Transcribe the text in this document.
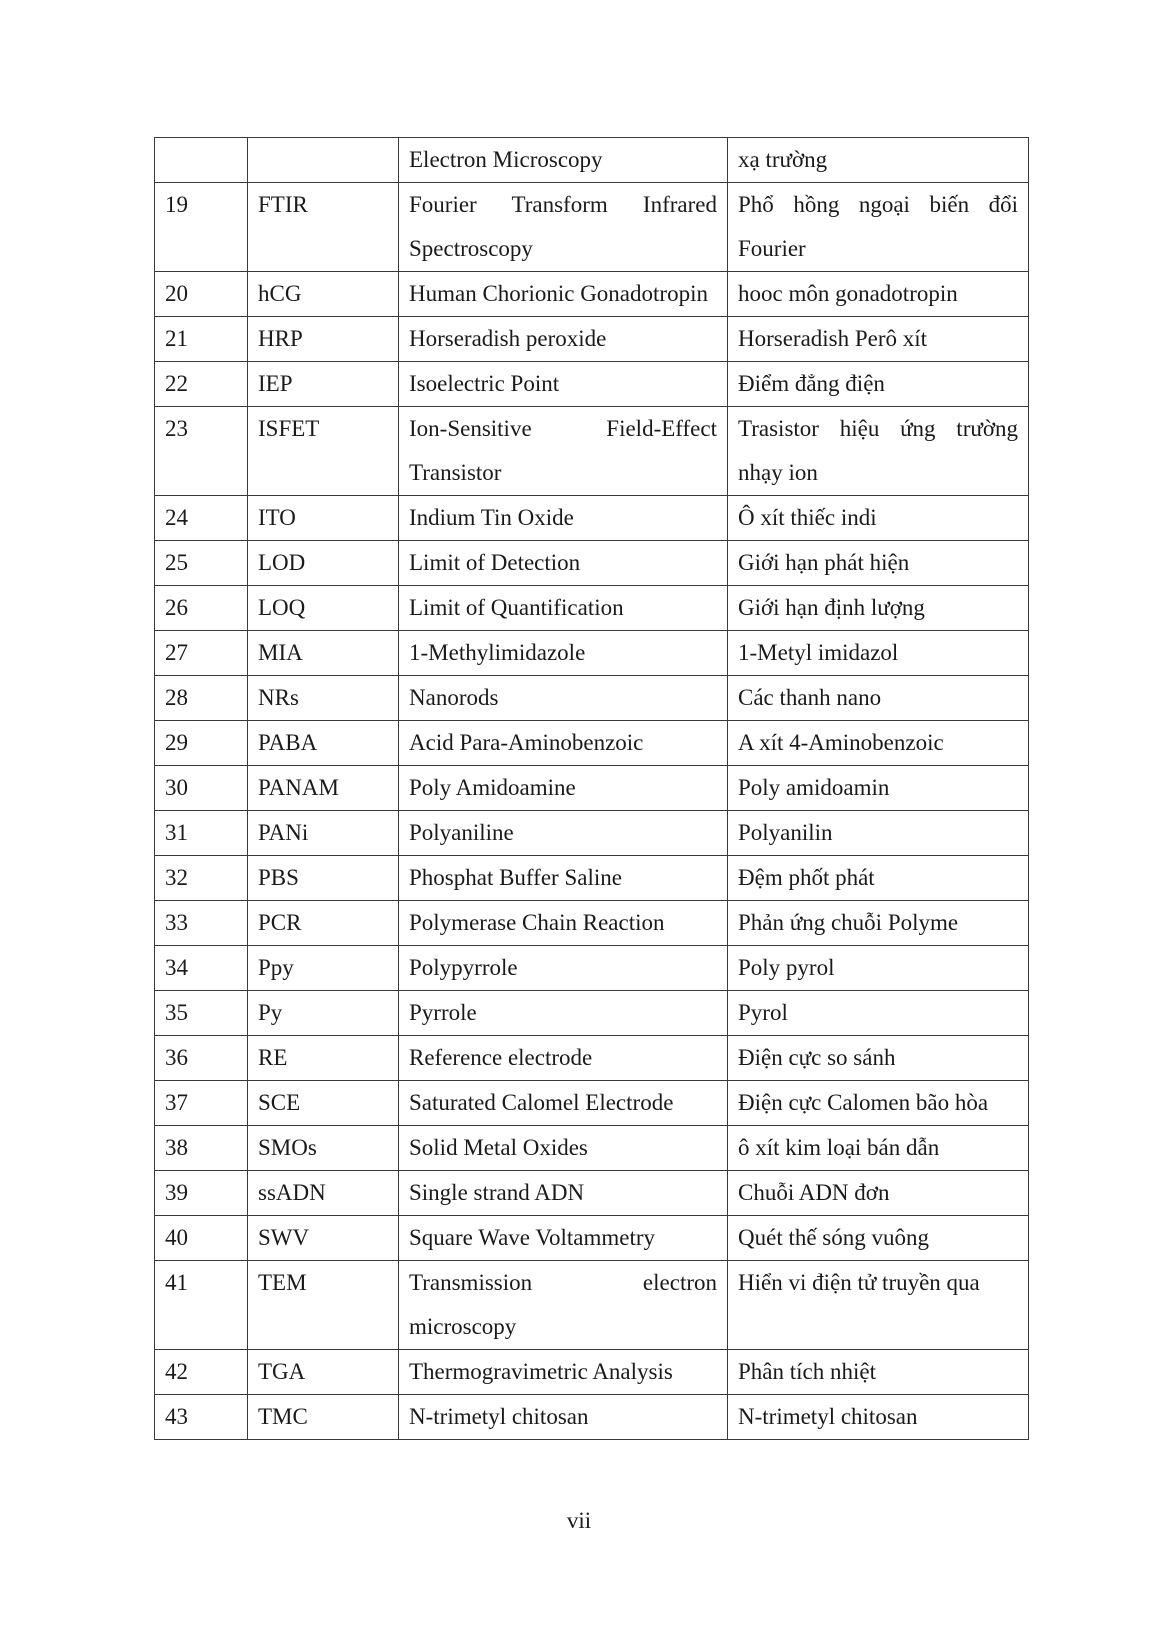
		Electron Microscopy	xạ trường
19	FTIR	Fourier Transform Infrared Spectroscopy	Phổ hồng ngoại biến đổi Fourier
20	hCG	Human Chorionic Gonadotropin	hooc môn gonadotropin
21	HRP	Horseradish peroxide	Horseradish Perô xít
22	IEP	Isoelectric Point	Điểm đẳng điện
23	ISFET	Ion-Sensitive Field-Effect Transistor	Trasistor hiệu ứng trường nhạy ion
24	ITO	Indium Tin Oxide	Ô xít thiếc indi
25	LOD	Limit of Detection	Giới hạn phát hiện
26	LOQ	Limit of Quantification	Giới hạn định lượng
27	MIA	1-Methylimidazole	1-Metyl imidazol
28	NRs	Nanorods	Các thanh nano
29	PABA	Acid Para-Aminobenzoic	A xít 4-Aminobenzoic
30	PANAM	Poly Amidoamine	Poly amidoamin
31	PANi	Polyaniline	Polyanilin
32	PBS	Phosphat Buffer Saline	Đệm phốt phát
33	PCR	Polymerase Chain Reaction	Phản ứng chuỗi Polyme
34	Ppy	Polypyrrole	Poly pyrol
35	Py	Pyrrole	Pyrol
36	RE	Reference electrode	Điện cực so sánh
37	SCE	Saturated Calomel Electrode	Điện cực Calomen bão hòa
38	SMOs	Solid Metal Oxides	ô xít kim loại bán dẫn
39	ssADN	Single strand ADN	Chuỗi ADN đơn
40	SWV	Square Wave Voltammetry	Quét thế sóng vuông
41	TEM	Transmission electron microscopy	Hiển vi điện tử truyền qua
42	TGA	Thermogravimetric Analysis	Phân tích nhiệt
43	TMC	N-trimetyl chitosan	N-trimetyl chitosan
vii
